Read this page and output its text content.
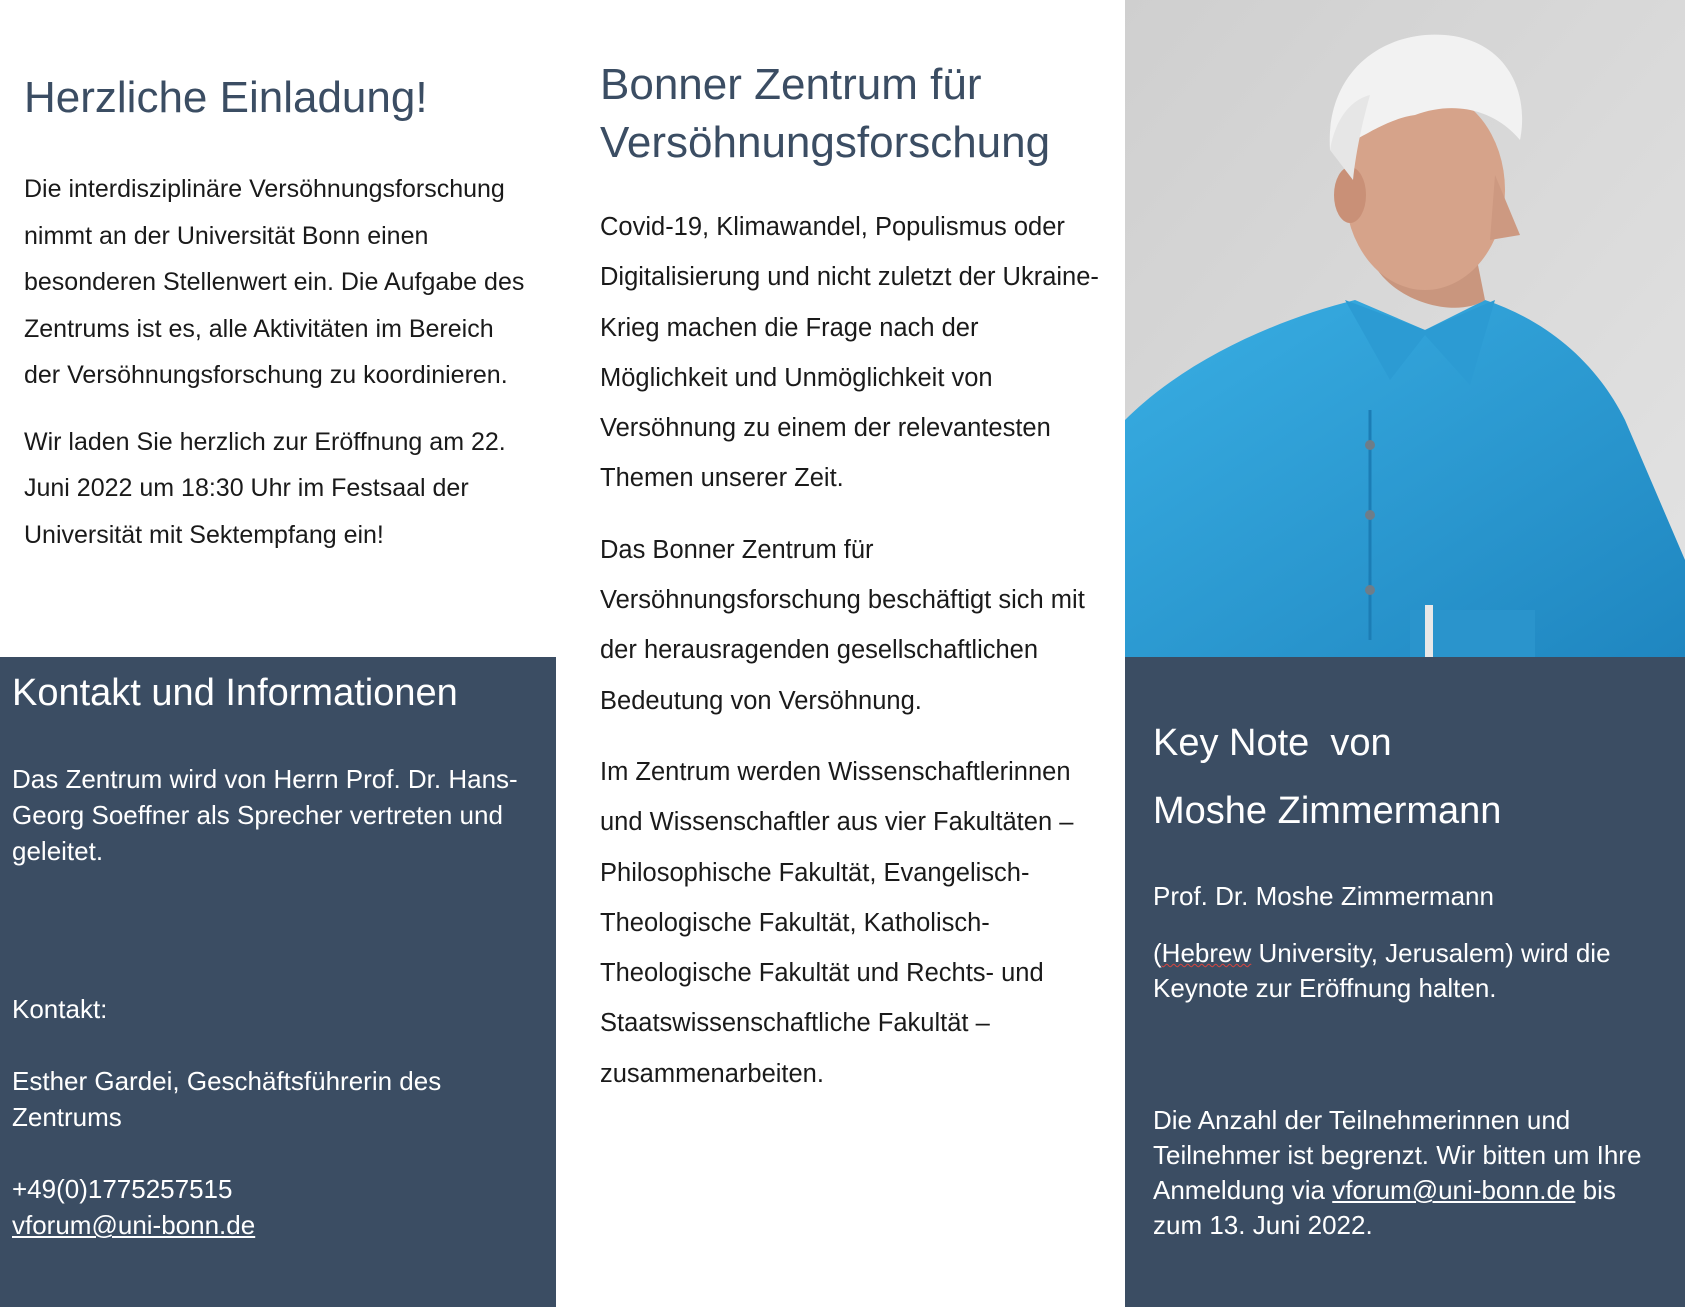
Herzliche Einladung!

Die interdisziplinäre Versöhnungsforschung nimmt an der Universität Bonn einen besonderen Stellenwert ein. Die Aufgabe des Zentrums ist es, alle Aktivitäten im Bereich der Versöhnungsforschung zu koordinieren.

Wir laden Sie herzlich zur Eröffnung am 22. Juni 2022 um 18:30 Uhr im Festsaal der Universität mit Sektempfang ein!

Kontakt und Informationen

Das Zentrum wird von Herrn Prof. Dr. Hans-Georg Soeffner als Sprecher vertreten und geleitet.

Kontakt:

Esther Gardei, Geschäftsführerin des Zentrums

+49(0)1775257515

vforum@uni-bonn.de

Bonner Zentrum für Versöhnungsforschung

Covid-19, Klimawandel, Populismus oder Digitalisierung und nicht zuletzt der Ukraine-Krieg machen die Frage nach der Möglichkeit und Unmöglichkeit von Versöhnung zu einem der relevantesten Themen unserer Zeit.

Das Bonner Zentrum für Versöhnungsforschung beschäftigt sich mit der herausragenden gesellschaftlichen Bedeutung von Versöhnung.

Im Zentrum werden Wissenschaftlerinnen und Wissenschaftler aus vier Fakultäten – Philosophische Fakultät, Evangelisch-Theologische Fakultät, Katholisch-Theologische Fakultät und Rechts- und Staatswissenschaftliche Fakultät – zusammenarbeiten.

Key Note  von
Moshe Zimmermann

Prof. Dr. Moshe Zimmermann

(Hebrew University, Jerusalem) wird die Keynote zur Eröffnung halten.

Die Anzahl der Teilnehmerinnen und Teilnehmer ist begrenzt. Wir bitten um Ihre Anmeldung via vforum@uni-bonn.de bis zum 13. Juni 2022.
